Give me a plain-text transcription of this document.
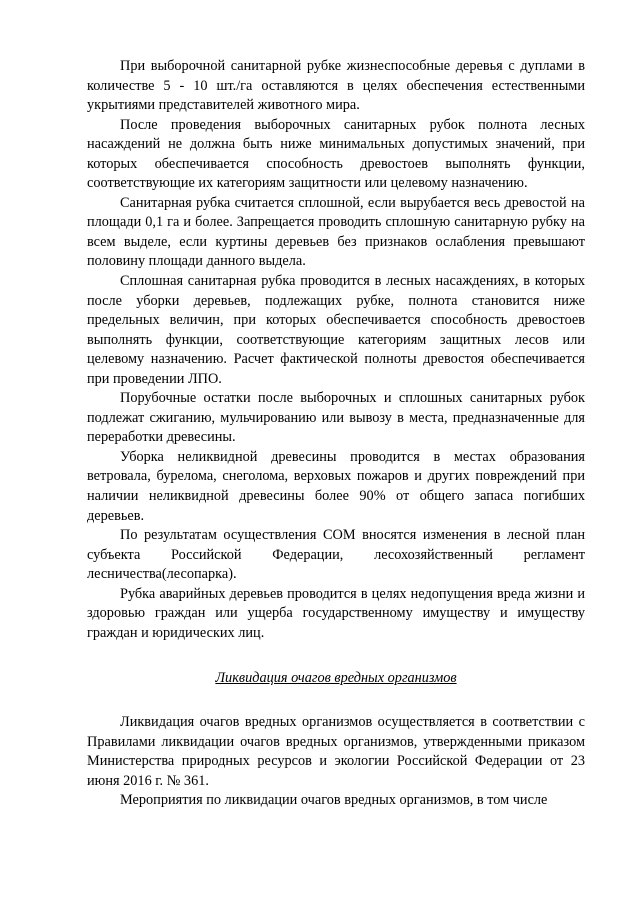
При выборочной санитарной рубке жизнеспособные деревья с дуплами в количестве 5 - 10 шт./га оставляются в целях обеспечения естественными укрытиями представителей животного мира.

После проведения выборочных санитарных рубок полнота лесных насаждений не должна быть ниже минимальных допустимых значений, при которых обеспечивается способность древостоев выполнять функции, соответствующие их категориям защитности или целевому назначению.

Санитарная рубка считается сплошной, если вырубается весь древостой на площади 0,1 га и более. Запрещается проводить сплошную санитарную рубку на всем выделе, если куртины деревьев без признаков ослабления превышают половину площади данного выдела.

Сплошная санитарная рубка проводится в лесных насаждениях, в которых после уборки деревьев, подлежащих рубке, полнота становится ниже предельных величин, при которых обеспечивается способность древостоев выполнять функции, соответствующие категориям защитных лесов или целевому назначению. Расчет фактической полноты древостоя обеспечивается при проведении ЛПО.

Порубочные остатки после выборочных и сплошных санитарных рубок подлежат сжиганию, мульчированию или вывозу в места, предназначенные для переработки древесины.

Уборка неликвидной древесины проводится в местах образования ветровала, бурелома, снеголома, верховых пожаров и других повреждений при наличии неликвидной древесины более 90% от общего запаса погибших деревьев.

По результатам осуществления СОМ вносятся изменения в лесной план субъекта Российской Федерации, лесохозяйственный регламент лесничества(лесопарка).

Рубка аварийных деревьев проводится в целях недопущения вреда жизни и здоровью граждан или ущерба государственному имуществу и имуществу граждан и юридических лиц.

Ликвидация очагов вредных организмов

Ликвидация очагов вредных организмов осуществляется в соответствии с Правилами ликвидации очагов вредных организмов, утвержденными приказом Министерства природных ресурсов и экологии Российской Федерации от 23 июня 2016 г. № 361.

Мероприятия по ликвидации очагов вредных организмов, в том числе
